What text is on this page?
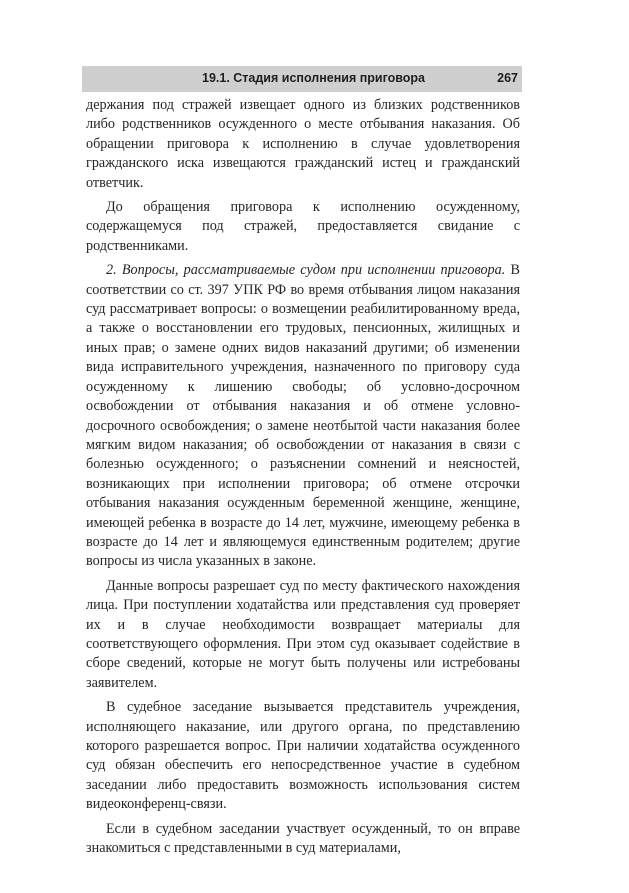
19.1. Стадия исполнения приговора	267

держания под стражей извещает одного из близких родственников либо родственников осужденного о месте отбывания наказания. Об обращении приговора к исполнению в случае удовлетворения гражданского иска извещаются гражданский истец и гражданский ответчик.

До обращения приговора к исполнению осужденному, содержащемуся под стражей, предоставляется свидание с родственниками.

2. Вопросы, рассматриваемые судом при исполнении приговора. В соответствии со ст. 397 УПК РФ во время отбывания лицом наказания суд рассматривает вопросы: о возмещении реабилитированному вреда, а также о восстановлении его трудовых, пенсионных, жилищных и иных прав; о замене одних видов наказаний другими; об изменении вида исправительного учреждения, назначенного по приговору суда осужденному к лишению свободы; об условно-досрочном освобождении от отбывания наказания и об отмене условно-досрочного освобождения; о замене неотбытой части наказания более мягким видом наказания; об освобождении от наказания в связи с болезнью осужденного; о разъяснении сомнений и неясностей, возникающих при исполнении приговора; об отмене отсрочки отбывания наказания осужденным беременной женщине, женщине, имеющей ребенка в возрасте до 14 лет, мужчине, имеющему ребенка в возрасте до 14 лет и являющемуся единственным родителем; другие вопросы из числа указанных в законе.

Данные вопросы разрешает суд по месту фактического нахождения лица. При поступлении ходатайства или представления суд проверяет их и в случае необходимости возвращает материалы для соответствующего оформления. При этом суд оказывает содействие в сборе сведений, которые не могут быть получены или истребованы заявителем.

В судебное заседание вызывается представитель учреждения, исполняющего наказание, или другого органа, по представлению которого разрешается вопрос. При наличии ходатайства осужденного суд обязан обеспечить его непосредственное участие в судебном заседании либо предоставить возможность использования систем видеоконференц-связи.

Если в судебном заседании участвует осужденный, то он вправе знакомиться с представленными в суд материалами,
